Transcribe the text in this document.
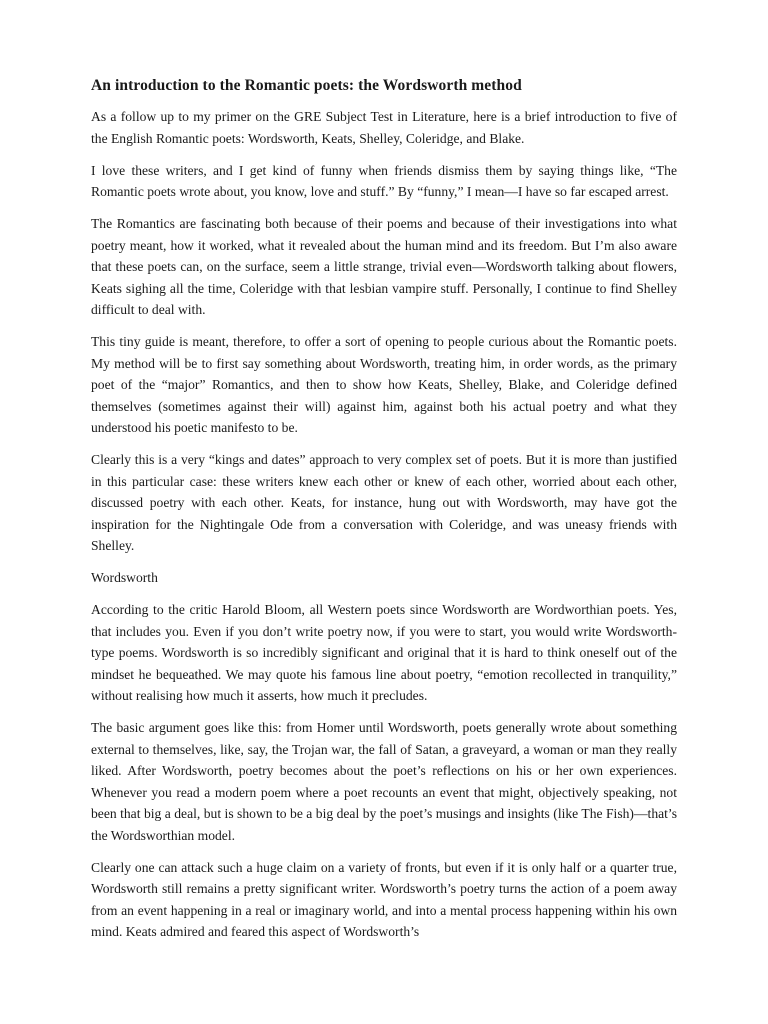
An introduction to the Romantic poets: the Wordsworth method

As a follow up to my primer on the GRE Subject Test in Literature, here is a brief introduction to five of the English Romantic poets: Wordsworth, Keats, Shelley, Coleridge, and Blake.

I love these writers, and I get kind of funny when friends dismiss them by saying things like, “The Romantic poets wrote about, you know, love and stuff.” By “funny,” I mean—I have so far escaped arrest.

The Romantics are fascinating both because of their poems and because of their investigations into what poetry meant, how it worked, what it revealed about the human mind and its freedom. But I’m also aware that these poets can, on the surface, seem a little strange, trivial even—Wordsworth talking about flowers, Keats sighing all the time, Coleridge with that lesbian vampire stuff. Personally, I continue to find Shelley difficult to deal with.

This tiny guide is meant, therefore, to offer a sort of opening to people curious about the Romantic poets. My method will be to first say something about Wordsworth, treating him, in order words, as the primary poet of the “major” Romantics, and then to show how Keats, Shelley, Blake, and Coleridge defined themselves (sometimes against their will) against him, against both his actual poetry and what they understood his poetic manifesto to be.

Clearly this is a very “kings and dates” approach to very complex set of poets. But it is more than justified in this particular case: these writers knew each other or knew of each other, worried about each other, discussed poetry with each other. Keats, for instance, hung out with Wordsworth, may have got the inspiration for the Nightingale Ode from a conversation with Coleridge, and was uneasy friends with Shelley.

Wordsworth

According to the critic Harold Bloom, all Western poets since Wordsworth are Wordworthian poets. Yes, that includes you. Even if you don’t write poetry now, if you were to start, you would write Wordsworth-type poems. Wordsworth is so incredibly significant and original that it is hard to think oneself out of the mindset he bequeathed. We may quote his famous line about poetry, “emotion recollected in tranquility,” without realising how much it asserts, how much it precludes.

The basic argument goes like this: from Homer until Wordsworth, poets generally wrote about something external to themselves, like, say, the Trojan war, the fall of Satan, a graveyard, a woman or man they really liked. After Wordsworth, poetry becomes about the poet’s reflections on his or her own experiences. Whenever you read a modern poem where a poet recounts an event that might, objectively speaking, not been that big a deal, but is shown to be a big deal by the poet’s musings and insights (like The Fish)—that’s the Wordsworthian model.

Clearly one can attack such a huge claim on a variety of fronts, but even if it is only half or a quarter true, Wordsworth still remains a pretty significant writer. Wordsworth’s poetry turns the action of a poem away from an event happening in a real or imaginary world, and into a mental process happening within his own mind. Keats admired and feared this aspect of Wordsworth’s
